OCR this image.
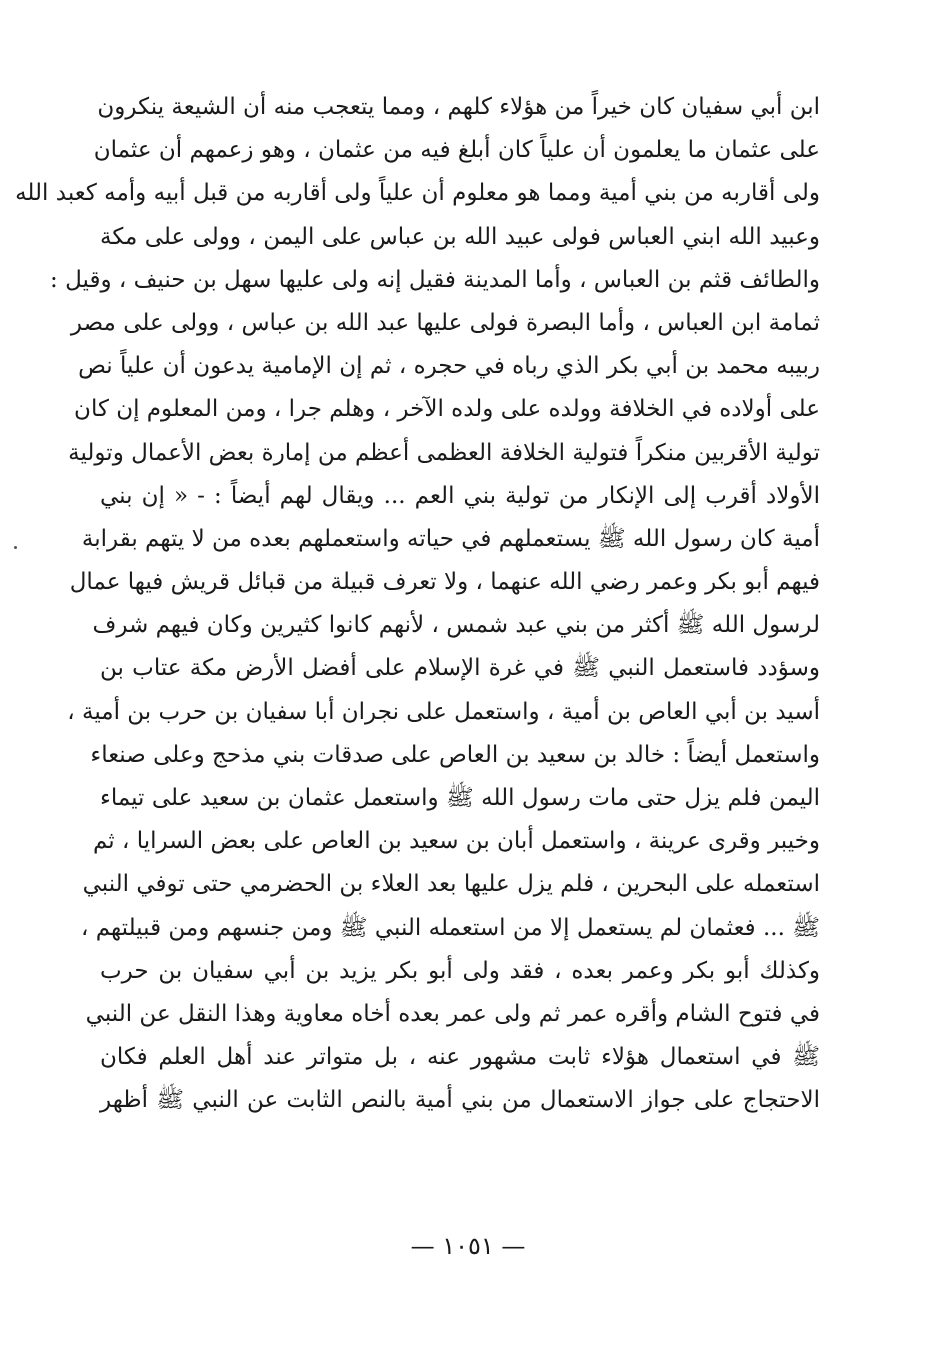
ابن أبي سفيان كان خيراً من هؤلاء كلهم ، ومما يتعجب منه أن الشيعة ينكرون
على عثمان ما يعلمون أن علياً كان أبلغ فيه من عثمان ، وهو زعمهم أن عثمان
ولى أقاربه من بني أمية ومما هو معلوم أن علياً ولى أقاربه من قبل أبيه وأمه كعبد الله
وعبيد الله ابني العباس فولى عبيد الله بن عباس على اليمن ، وولى على مكة
والطائف قثم بن العباس ، وأما المدينة فقيل إنه ولى عليها سهل بن حنيف ، وقيل :
ثمامة ابن العباس ، وأما البصرة فولى عليها عبد الله بن عباس ، وولى على مصر
ربيبه محمد بن أبي بكر الذي رباه في حجره ، ثم إن الإمامية يدعون أن علياً نص
على أولاده في الخلافة وولده على ولده الآخر ، وهلم جرا ، ومن المعلوم إن كان
تولية الأقربين منكراً فتولية الخلافة العظمى أعظم من إمارة بعض الأعمال وتولية
الأولاد أقرب إلى الإنكار من تولية بني العم ... ويقال لهم أيضاً : - « إن بني
أمية كان رسول الله ﷺ يستعملهم في حياته واستعملهم بعده من لا يتهم بقرابة
فيهم أبو بكر وعمر رضي الله عنهما ، ولا تعرف قبيلة من قبائل قريش فيها عمال
لرسول الله ﷺ أكثر من بني عبد شمس ، لأنهم كانوا كثيرين وكان فيهم شرف
وسؤدد فاستعمل النبي ﷺ في غرة الإسلام على أفضل الأرض مكة عتاب بن
أسيد بن أبي العاص بن أمية ، واستعمل على نجران أبا سفيان بن حرب بن أمية ،
واستعمل أيضاً : خالد بن سعيد بن العاص على صدقات بني مذحج وعلى صنعاء
اليمن فلم يزل حتى مات رسول الله ﷺ واستعمل عثمان بن سعيد على تيماء
وخيبر وقرى عرينة ، واستعمل أبان بن سعيد بن العاص على بعض السرايا ، ثم
استعمله على البحرين ، فلم يزل عليها بعد العلاء بن الحضرمي حتى توفي النبي
ﷺ ... فعثمان لم يستعمل إلا من استعمله النبي ﷺ ومن جنسهم ومن قبيلتهم ،
وكذلك أبو بكر وعمر بعده ، فقد ولى أبو بكر يزيد بن أبي سفيان بن حرب
في فتوح الشام وأقره عمر ثم ولى عمر بعده أخاه معاوية وهذا النقل عن النبي
ﷺ في استعمال هؤلاء ثابت مشهور عنه ، بل متواتر عند أهل العلم فكان
الاحتجاج على جواز الاستعمال من بني أمية بالنص الثابت عن النبي ﷺ أظهر
— ١٠٥١ —
